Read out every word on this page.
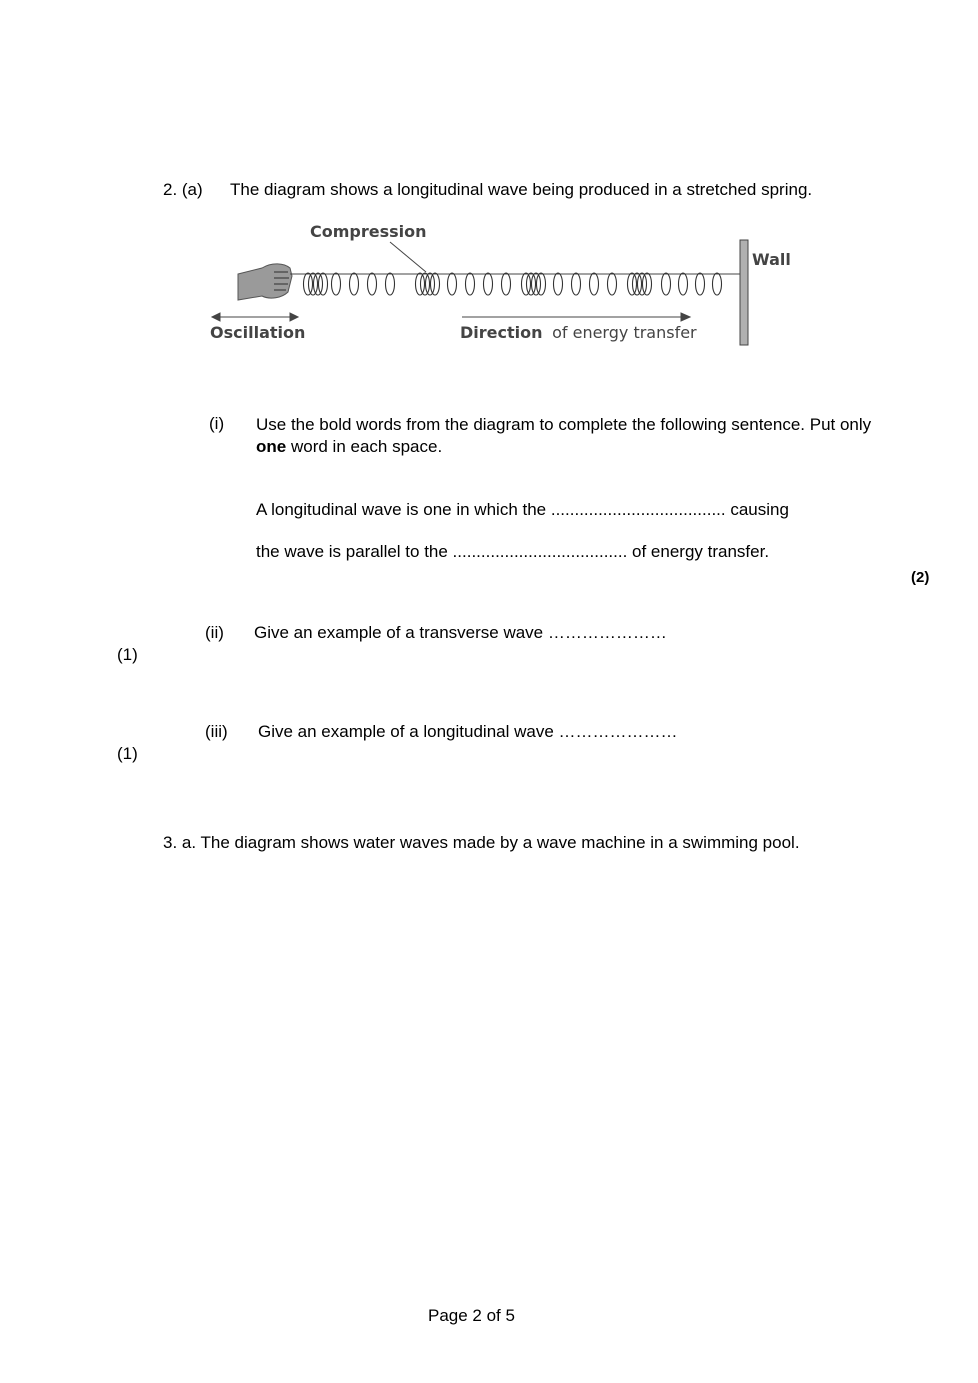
2. (a) The diagram shows a longitudinal wave being produced in a stretched spring.
Compression
Wall
Oscillation	Direction of energy transfer
(i) Use the bold words from the diagram to complete the following sentence. Put only
one word in each space.
A longitudinal wave is one in which the ..................................... causing
the wave is parallel to the ..................................... of energy transfer.
(2)
(ii) Give an example of a transverse wave …………………
(1)
(iii) Give an example of a longitudinal wave …………………
(1)
3. a. The diagram shows water waves made by a wave machine in a swimming pool.
Page 2 of 5
